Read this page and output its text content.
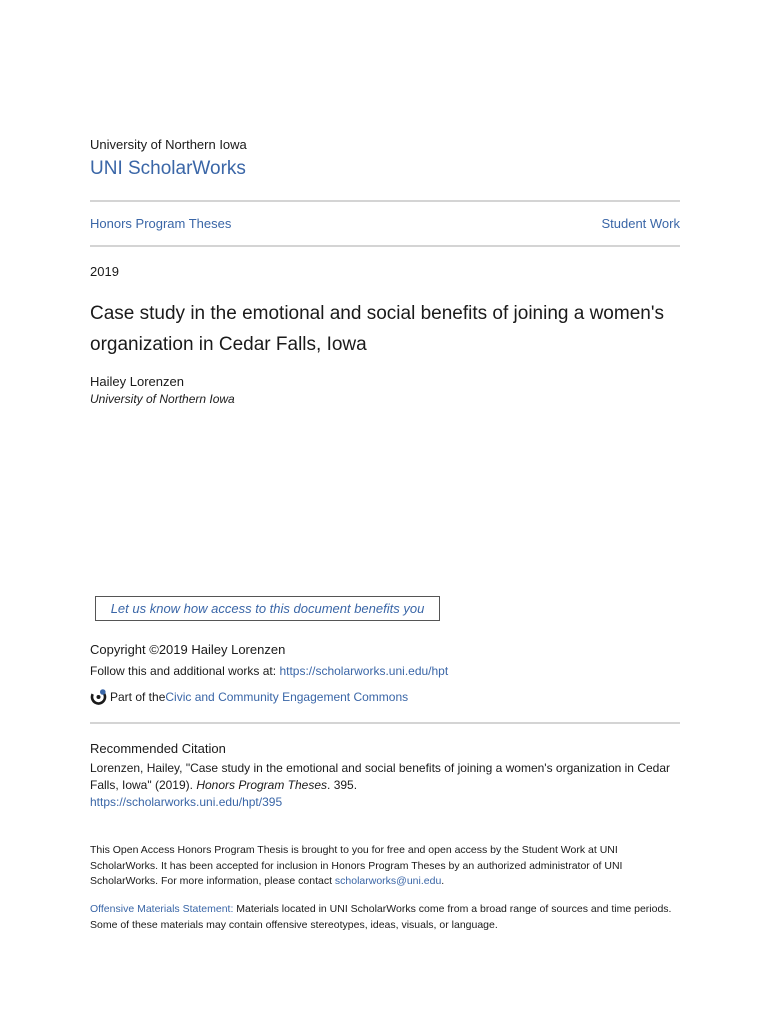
University of Northern Iowa
UNI ScholarWorks
Honors Program Theses	Student Work
2019
Case study in the emotional and social benefits of joining a women's organization in Cedar Falls, Iowa
Hailey Lorenzen
University of Northern Iowa
Let us know how access to this document benefits you
Copyright ©2019 Hailey Lorenzen
Follow this and additional works at: https://scholarworks.uni.edu/hpt
Part of the Civic and Community Engagement Commons
Recommended Citation
Lorenzen, Hailey, "Case study in the emotional and social benefits of joining a women's organization in Cedar Falls, Iowa" (2019). Honors Program Theses. 395.
https://scholarworks.uni.edu/hpt/395
This Open Access Honors Program Thesis is brought to you for free and open access by the Student Work at UNI ScholarWorks. It has been accepted for inclusion in Honors Program Theses by an authorized administrator of UNI ScholarWorks. For more information, please contact scholarworks@uni.edu.
Offensive Materials Statement: Materials located in UNI ScholarWorks come from a broad range of sources and time periods. Some of these materials may contain offensive stereotypes, ideas, visuals, or language.
